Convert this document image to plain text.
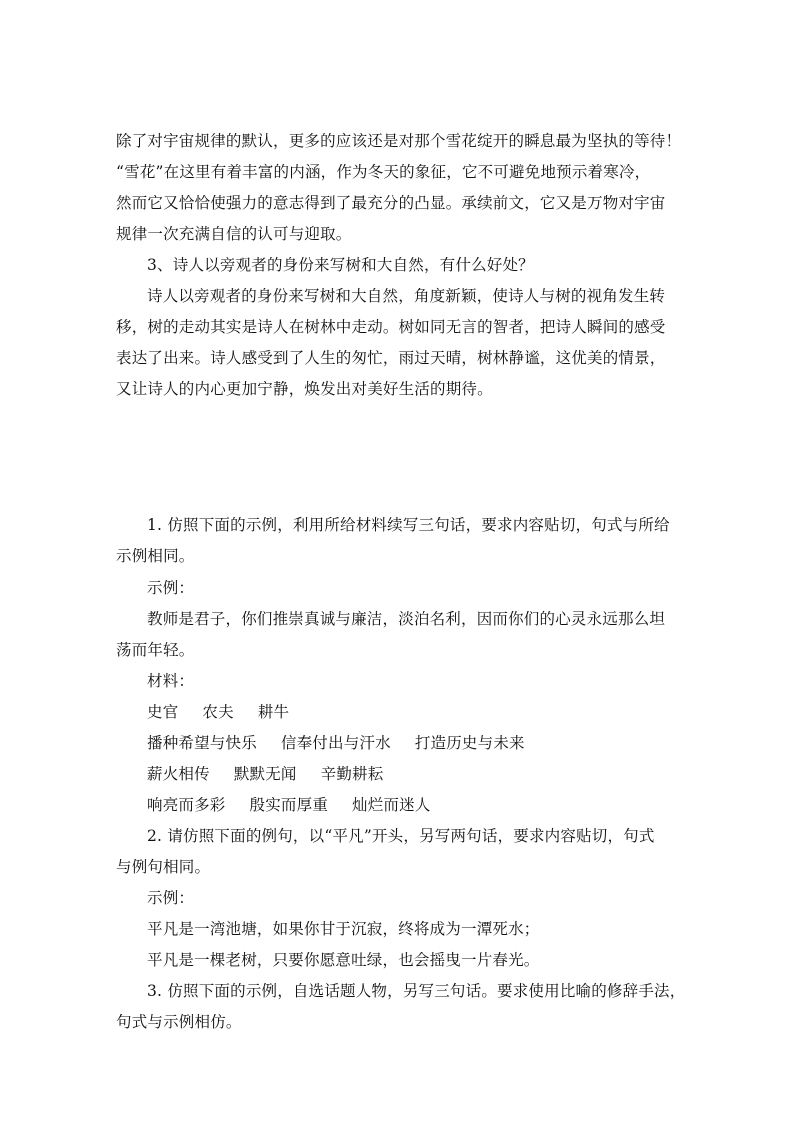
除了对宇宙规律的默认，更多的应该还是对那个雪花绽开的瞬息最为坚执的等待！
“雪花”在这里有着丰富的内涵，作为冬天的象征，它不可避免地预示着寒冷，
然而它又恰恰使强力的意志得到了最充分的凸显。承续前文，它又是万物对宇宙
规律一次充满自信的认可与迎取。
3、诗人以旁观者的身份来写树和大自然，有什么好处？
诗人以旁观者的身份来写树和大自然，角度新颖，使诗人与树的视角发生转
移，树的走动其实是诗人在树林中走动。树如同无言的智者，把诗人瞬间的感受
表达了出来。诗人感受到了人生的匆忙，雨过天晴，树林静谧，这优美的情景，
又让诗人的内心更加宁静，焕发出对美好生活的期待。
1. 仿照下面的示例，利用所给材料续写三句话，要求内容贴切，句式与所给
示例相同。
示例：
教师是君子，你们推崇真诚与廉洁，淡泊名利，因而你们的心灵永远那么坦
荡而年轻。
材料：
史官 农夫 耕牛
播种希望与快乐 信奉付出与汗水 打造历史与未来
薪火相传 默默无闻 辛勤耕耘
响亮而多彩 殷实而厚重 灿烂而迷人
2. 请仿照下面的例句，以“平凡”开头，另写两句话，要求内容贴切，句式
与例句相同。
示例：
平凡是一湾池塘，如果你甘于沉寂，终将成为一潭死水；
平凡是一棵老树，只要你愿意吐绿，也会摇曳一片春光。
3. 仿照下面的示例，自选话题人物，另写三句话。要求使用比喻的修辞手法，
句式与示例相仿。
